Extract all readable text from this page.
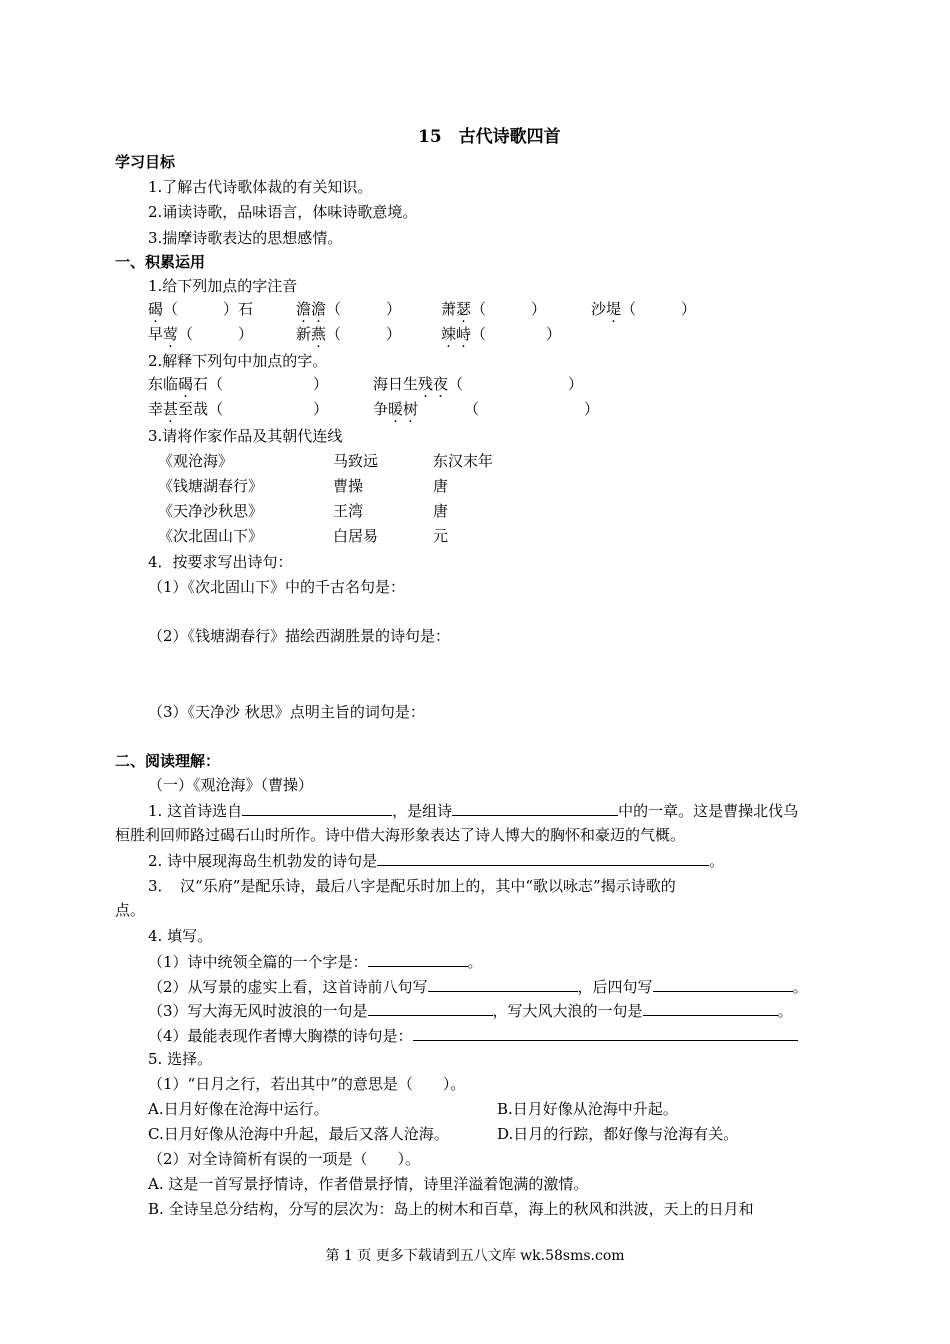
15　古代诗歌四首
学习目标
1.了解古代诗歌体裁的有关知识。
2.诵读诗歌，品味语言，体味诗歌意境。
3.揣摩诗歌表达的思想感情。
一、积累运用
1.给下列加点的字注音
碣（　　　）石	澹澹（　　　）	萧瑟（　　　）	沙堤（　　　）
早莺（　　　）	新燕（　　　）	竦峙（　　　　）
2.解释下列句中加点的字。
东临碣石（　　　　　　）	海日生残夜（　　　　　　　）
幸甚至哉（　　　　　　）	争暖树	（　　　　　　　）
3.请将作家作品及其朝代连线
《观沧海》	马致远	东汉末年
《钱塘湖春行》	曹操	唐
《天净沙秋思》	王湾	唐
《次北固山下》	白居易	元
4．按要求写出诗句：
（1）《次北固山下》中的千古名句是：
（2）《钱塘湖春行》描绘西湖胜景的诗句是：
（3）《天净沙 秋思》点明主旨的词句是：
二、阅读理解：
（一）《观沧海》（曹操）
1. 这首诗选自	，是组诗	中的一章。这是曹操北伐乌
桓胜利回师路过碣石山时所作。诗中借大海形象表达了诗人博大的胸怀和豪迈的气概。
2. 诗中展现海岛生机勃发的诗句是	。
3．　汉“乐府”是配乐诗，最后八字是配乐时加上的，其中“歌以咏志”揭示诗歌的
点。
4. 填写。
（1）诗中统领全篇的一个字是：	。
（2）从写景的虚实上看，这首诗前八句写	，后四句写	。
（3）写大海无风时波浪的一句是	，写大风大浪的一句是	。
（4）最能表现作者博大胸襟的诗句是：
5. 选择。
（1）“日月之行，若出其中”的意思是（　　）。
A.日月好像在沧海中运行。	B.日月好像从沧海中升起。
C.日月好像从沧海中升起，最后又落人沧海。	D.日月的行踪，都好像与沧海有关。
（2）对全诗简析有误的一项是（　　）。
A. 这是一首写景抒情诗，作者借景抒情，诗里洋溢着饱满的激情。
B. 全诗呈总分结构，分写的层次为：岛上的树木和百草，海上的秋风和洪波，天上的日月和
第 1 页 更多下载请到五八文库 wk.58sms.com
